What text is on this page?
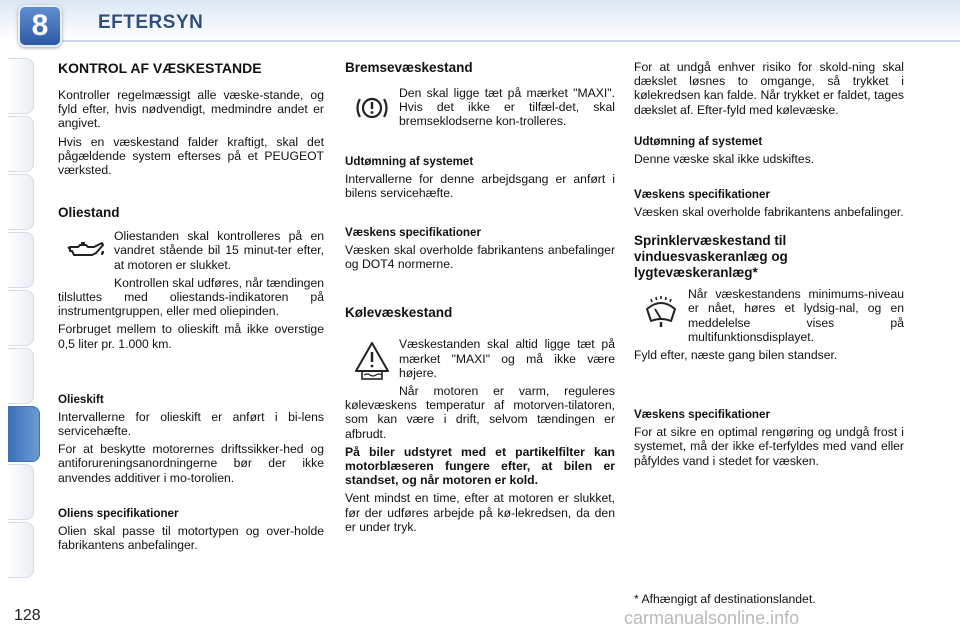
8	EFTERSYN
KONTROL AF VÆSKESTANDE

Kontroller regelmæssigt alle væske-stande, og fyld efter, hvis nødvendigt, medmindre andet er angivet.

Hvis en væskestand falder kraftigt, skal det pågældende system efterses på et PEUGEOT værksted.

Oliestand

Oliestanden skal kontrolleres på en vandret stående bil 15 minut-ter efter, at motoren er slukket.

Kontrollen skal udføres, når tændingen tilsluttes med oliestands-indikatoren på instrumentgruppen, eller med oliepinden.

Forbruget mellem to olieskift må ikke overstige 0,5 liter pr. 1.000 km.

Olieskift

Intervallerne for olieskift er anført i bi-lens servicehæfte.

For at beskytte motorernes driftssikker-hed og antiforureningsanordningerne bør der ikke anvendes additiver i mo-torolien.

Oliens specifikationer

Olien skal passe til motortypen og over-holde fabrikantens anbefalinger.

Bremsevæskestand

Den skal ligge tæt på mærket "MAXI". Hvis det ikke er tilfæl-det, skal bremseklodserne kon-trolleres.

Udtømning af systemet

Intervallerne for denne arbejdsgang er anført i bilens servicehæfte.

Væskens specifikationer

Væsken skal overholde fabrikantens anbefalinger og DOT4 normerne.

Kølevæskestand

Væskestanden skal altid ligge tæt på mærket "MAXI" og må ikke være højere.

Når motoren er varm, reguleres kølevæskens temperatur af motorven-tilatoren, som kan være i drift, selvom tændingen er afbrudt.

På biler udstyret med et partikelfilter kan motorblæseren fungere efter, at bilen er standset, og når motoren er kold.

Vent mindst en time, efter at motoren er slukket, før der udføres arbejde på kø-lekredsen, da den er under tryk.

For at undgå enhver risiko for skold-ning skal dækslet løsnes to omgange, så trykket i kølekredsen kan falde. Når trykket er faldet, tages dækslet af. Efter-fyld med kølevæske.

Udtømning af systemet

Denne væske skal ikke udskiftes.

Væskens specifikationer

Væsken skal overholde fabrikantens anbefalinger.

Sprinklervæskestand til vinduesvaskeranlæg og lygtevæskeranlæg*

Når væskestandens minimums-niveau er nået, høres et lydsig-nal, og en meddelelse vises på multifunktionsdisplayet.

Fyld efter, næste gang bilen standser.

Væskens specifikationer

For at sikre en optimal rengøring og undgå frost i systemet, må der ikke ef-terfyldes med vand eller påfyldes vand i stedet for væsken.

* Afhængigt af destinationslandet.
128	carmanualsonline.info
